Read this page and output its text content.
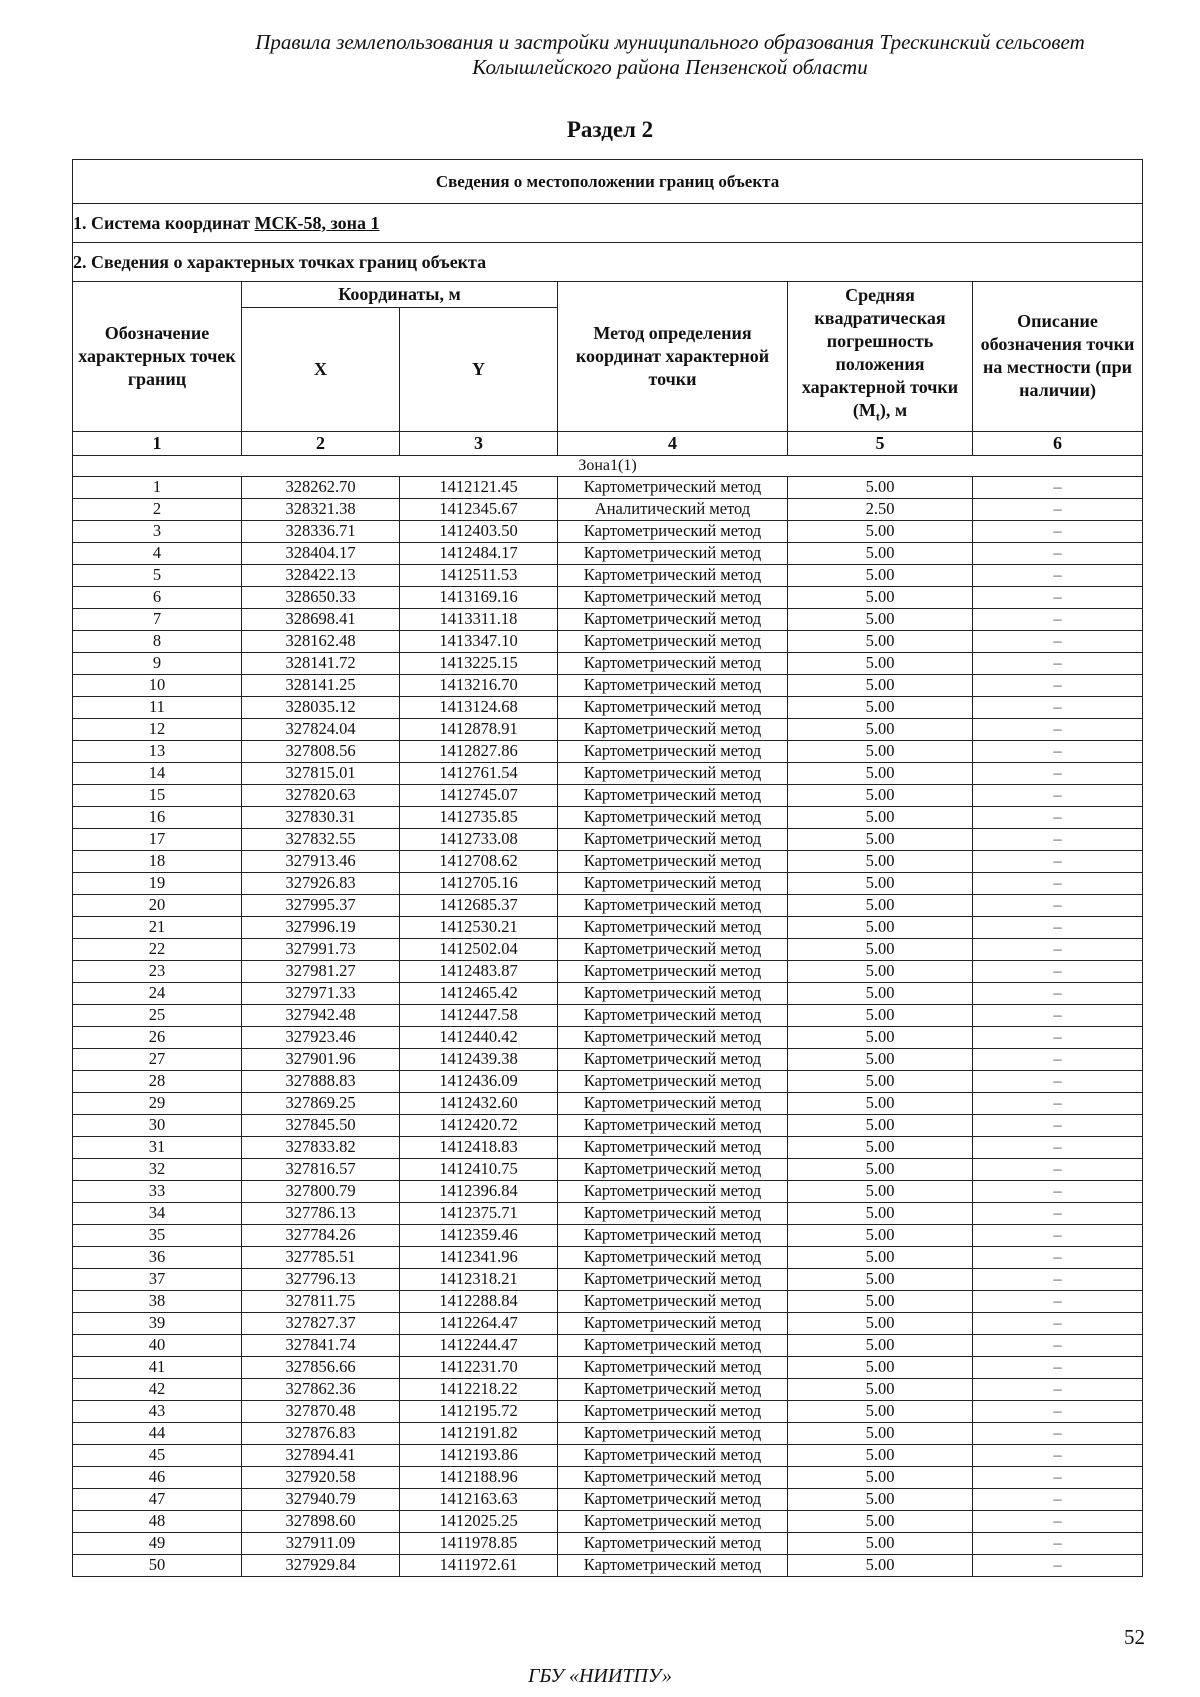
Правила землепользования и застройки муниципального образования Трескинский сельсовет
Колышлейского района Пензенской области
Раздел 2
Сведения о местоположении границ объекта					
1. Система координат МСК-58, зона 1					
2. Сведения о характерных точках границ объекта					
Обозначение характерных точек границ	Координаты, м		Метод определения координат характерной точки	Средняя квадратическая погрешность положения характерной точки $(M_t)$, м	Описание обозначения точки на местности (при наличии)
	X	Y			
1	2	3	4	5	6
Зона1(1)					
1	328262.70	1412121.45	Картометрический метод	5.00	–
2	328321.38	1412345.67	Аналитический метод	2.50	–
3	328336.71	1412403.50	Картометрический метод	5.00	–
4	328404.17	1412484.17	Картометрический метод	5.00	–
5	328422.13	1412511.53	Картометрический метод	5.00	–
6	328650.33	1413169.16	Картометрический метод	5.00	–
7	328698.41	1413311.18	Картометрический метод	5.00	–
8	328162.48	1413347.10	Картометрический метод	5.00	–
9	328141.72	1413225.15	Картометрический метод	5.00	–
10	328141.25	1413216.70	Картометрический метод	5.00	–
11	328035.12	1413124.68	Картометрический метод	5.00	–
12	327824.04	1412878.91	Картометрический метод	5.00	–
13	327808.56	1412827.86	Картометрический метод	5.00	–
14	327815.01	1412761.54	Картометрический метод	5.00	–
15	327820.63	1412745.07	Картометрический метод	5.00	–
16	327830.31	1412735.85	Картометрический метод	5.00	–
17	327832.55	1412733.08	Картометрический метод	5.00	–
18	327913.46	1412708.62	Картометрический метод	5.00	–
19	327926.83	1412705.16	Картометрический метод	5.00	–
20	327995.37	1412685.37	Картометрический метод	5.00	–
21	327996.19	1412530.21	Картометрический метод	5.00	–
22	327991.73	1412502.04	Картометрический метод	5.00	–
23	327981.27	1412483.87	Картометрический метод	5.00	–
24	327971.33	1412465.42	Картометрический метод	5.00	–
25	327942.48	1412447.58	Картометрический метод	5.00	–
26	327923.46	1412440.42	Картометрический метод	5.00	–
27	327901.96	1412439.38	Картометрический метод	5.00	–
28	327888.83	1412436.09	Картометрический метод	5.00	–
29	327869.25	1412432.60	Картометрический метод	5.00	–
30	327845.50	1412420.72	Картометрический метод	5.00	–
31	327833.82	1412418.83	Картометрический метод	5.00	–
32	327816.57	1412410.75	Картометрический метод	5.00	–
33	327800.79	1412396.84	Картометрический метод	5.00	–
34	327786.13	1412375.71	Картометрический метод	5.00	–
35	327784.26	1412359.46	Картометрический метод	5.00	–
36	327785.51	1412341.96	Картометрический метод	5.00	–
37	327796.13	1412318.21	Картометрический метод	5.00	–
38	327811.75	1412288.84	Картометрический метод	5.00	–
39	327827.37	1412264.47	Картометрический метод	5.00	–
40	327841.74	1412244.47	Картометрический метод	5.00	–
41	327856.66	1412231.70	Картометрический метод	5.00	–
42	327862.36	1412218.22	Картометрический метод	5.00	–
43	327870.48	1412195.72	Картометрический метод	5.00	–
44	327876.83	1412191.82	Картометрический метод	5.00	–
45	327894.41	1412193.86	Картометрический метод	5.00	–
46	327920.58	1412188.96	Картометрический метод	5.00	–
47	327940.79	1412163.63	Картометрический метод	5.00	–
48	327898.60	1412025.25	Картометрический метод	5.00	–
49	327911.09	1411978.85	Картометрический метод	5.00	–
50	327929.84	1411972.61	Картометрический метод	5.00	–
52
ГБУ «НИИТПУ»
